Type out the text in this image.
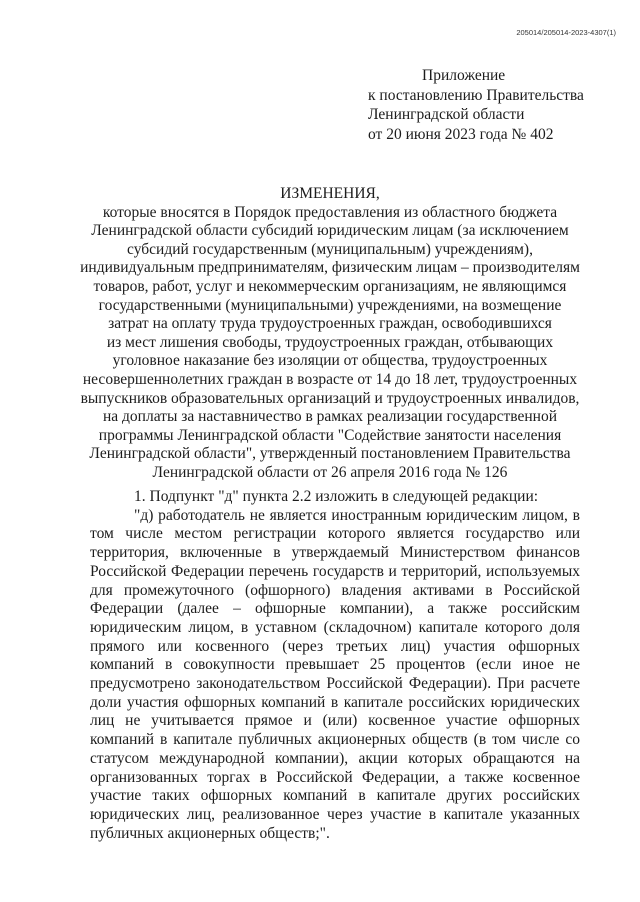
205014/205014-2023-4307(1)
Приложение
к постановлению Правительства
Ленинградской области
от 20 июня 2023 года № 402
ИЗМЕНЕНИЯ,
которые вносятся в Порядок предоставления из областного бюджета
Ленинградской области субсидий юридическим лицам (за исключением
субсидий государственным (муниципальным) учреждениям),
индивидуальным предпринимателям, физическим лицам – производителям
товаров, работ, услуг и некоммерческим организациям, не являющимся
государственными (муниципальными) учреждениями, на возмещение
затрат на оплату труда трудоустроенных граждан, освободившихся
из мест лишения свободы, трудоустроенных граждан, отбывающих
уголовное наказание без изоляции от общества, трудоустроенных
несовершеннолетних граждан в возрасте от 14 до 18 лет, трудоустроенных
выпускников образовательных организаций и трудоустроенных инвалидов,
на доплаты за наставничество в рамках реализации государственной
программы Ленинградской области "Содействие занятости населения
Ленинградской области", утвержденный постановлением Правительства
Ленинградской области от 26 апреля 2016 года № 126

1. Подпункт "д" пункта 2.2 изложить в следующей редакции:

"д) работодатель не является иностранным юридическим лицом, в том числе местом регистрации которого является государство или территория, включенные в утверждаемый Министерством финансов Российской Федерации перечень государств и территорий, используемых для промежуточного (офшорного) владения активами в Российской Федерации (далее – офшорные компании), а также российским юридическим лицом, в уставном (складочном) капитале которого доля прямого или косвенного (через третьих лиц) участия офшорных компаний в совокупности превышает 25 процентов (если иное не предусмотрено законодательством Российской Федерации). При расчете доли участия офшорных компаний в капитале российских юридических лиц не учитывается прямое и (или) косвенное участие офшорных компаний в капитале публичных акционерных обществ (в том числе со статусом международной компании), акции которых обращаются на организованных торгах в Российской Федерации, а также косвенное участие таких офшорных компаний в капитале других российских юридических лиц, реализованное через участие в капитале указанных публичных акционерных обществ;".
